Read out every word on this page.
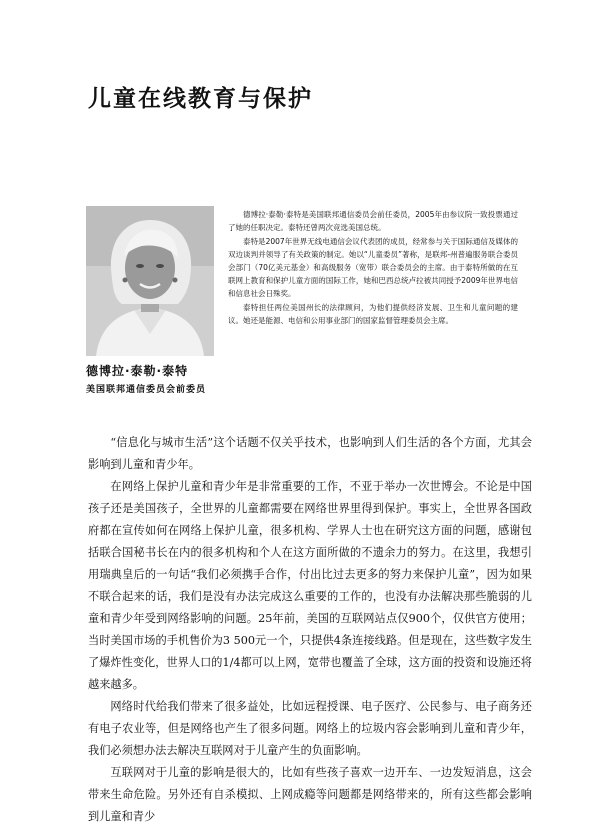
儿童在线教育与保护
德博拉·泰勒·泰特
美国联邦通信委员会前委员

德博拉·泰勒·泰特是美国联邦通信委员会前任委员，2005年由参议院一致投票通过了她的任职决定。泰特还曾两次竞选美国总统。

泰特是2007年世界无线电通信会议代表团的成员，经常参与关于国际通信及媒体的双边谈判并领导了有关政策的制定。她以“儿童委员”著称，是联邦-州普遍服务联合委员会部门（70亿美元基金）和高级服务（宽带）联合委员会的主席。由于泰特所做的在互联网上教育和保护儿童方面的国际工作，她和巴西总统卢拉被共同授予2009年世界电信和信息社会日殊奖。

泰特担任两位美国州长的法律顾问，为他们提供经济发展、卫生和儿童问题的建议。她还是能源、电信和公用事业部门的国家监督管理委员会主席。

“信息化与城市生活”这个话题不仅关乎技术，也影响到人们生活的各个方面，尤其会影响到儿童和青少年。

在网络上保护儿童和青少年是非常重要的工作，不亚于举办一次世博会。不论是中国孩子还是美国孩子，全世界的儿童都需要在网络世界里得到保护。事实上，全世界各国政府都在宣传如何在网络上保护儿童，很多机构、学界人士也在研究这方面的问题，感谢包括联合国秘书长在内的很多机构和个人在这方面所做的不遗余力的努力。在这里，我想引用瑞典皇后的一句话“我们必须携手合作，付出比过去更多的努力来保护儿童”，因为如果不联合起来的话，我们是没有办法完成这么重要的工作的，也没有办法解决那些脆弱的儿童和青少年受到网络影响的问题。25年前，美国的互联网站点仅900个，仅供官方使用；当时美国市场的手机售价为3 500元一个，只提供4条连接线路。但是现在，这些数字发生了爆炸性变化，世界人口的1/4都可以上网，宽带也覆盖了全球，这方面的投资和设施还将越来越多。

网络时代给我们带来了很多益处，比如远程授课、电子医疗、公民参与、电子商务还有电子农业等，但是网络也产生了很多问题。网络上的垃圾内容会影响到儿童和青少年，我们必须想办法去解决互联网对于儿童产生的负面影响。

互联网对于儿童的影响是很大的，比如有些孩子喜欢一边开车、一边发短消息，这会带来生命危险。另外还有自杀模拟、上网成瘾等问题都是网络带来的，所有这些都会影响到儿童和青少
